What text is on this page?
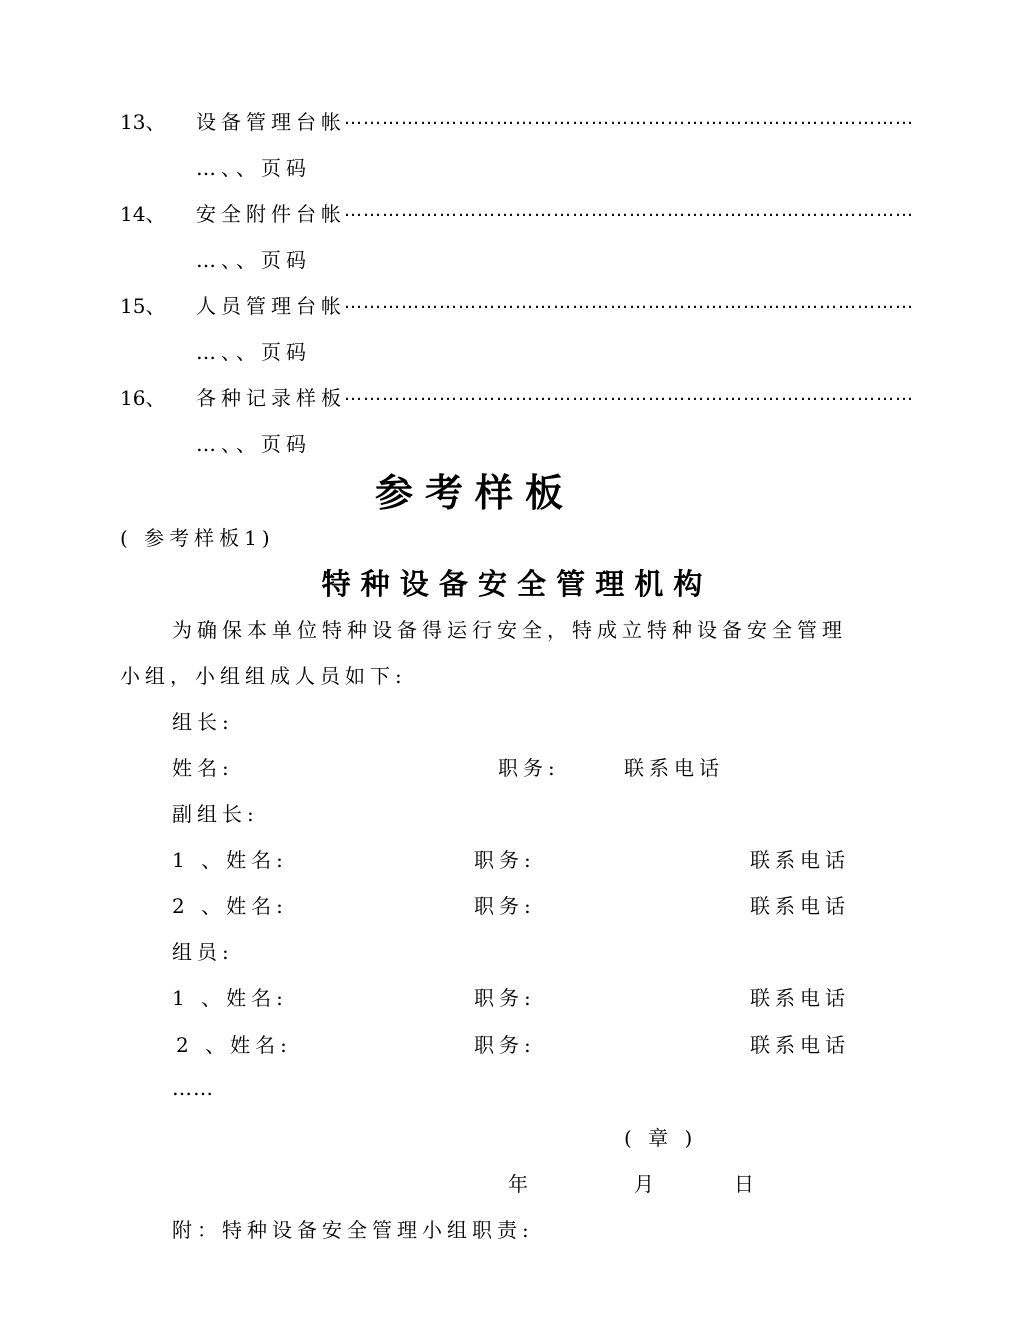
13、 设备管理台帐
………………………………………………………………………………
…、、页码
14、 安全附件台帐
………………………………………………………………………………
…、、页码
15、 人员管理台帐
………………………………………………………………………………
…、、页码
16、 各种记录样板
………………………………………………………………………………
…、、页码
参考样板
( 参考样板1)
特 种 设 备 安 全 管 理 机 构
为确保本单位特种设备得运行安全，特成立特种设备安全管理
小组，小组组成人员如下:
组长:
姓名:	职务:	联系电话
副组长:
1 、姓名:	职务:	联系电话
2 、姓名:	职务:	联系电话
组员:
1 、姓名:	职务:	联系电话
2 、姓名:	职务:	联系电话
……
( 章 )
年	月	日
附：特种设备安全管理小组职责:
